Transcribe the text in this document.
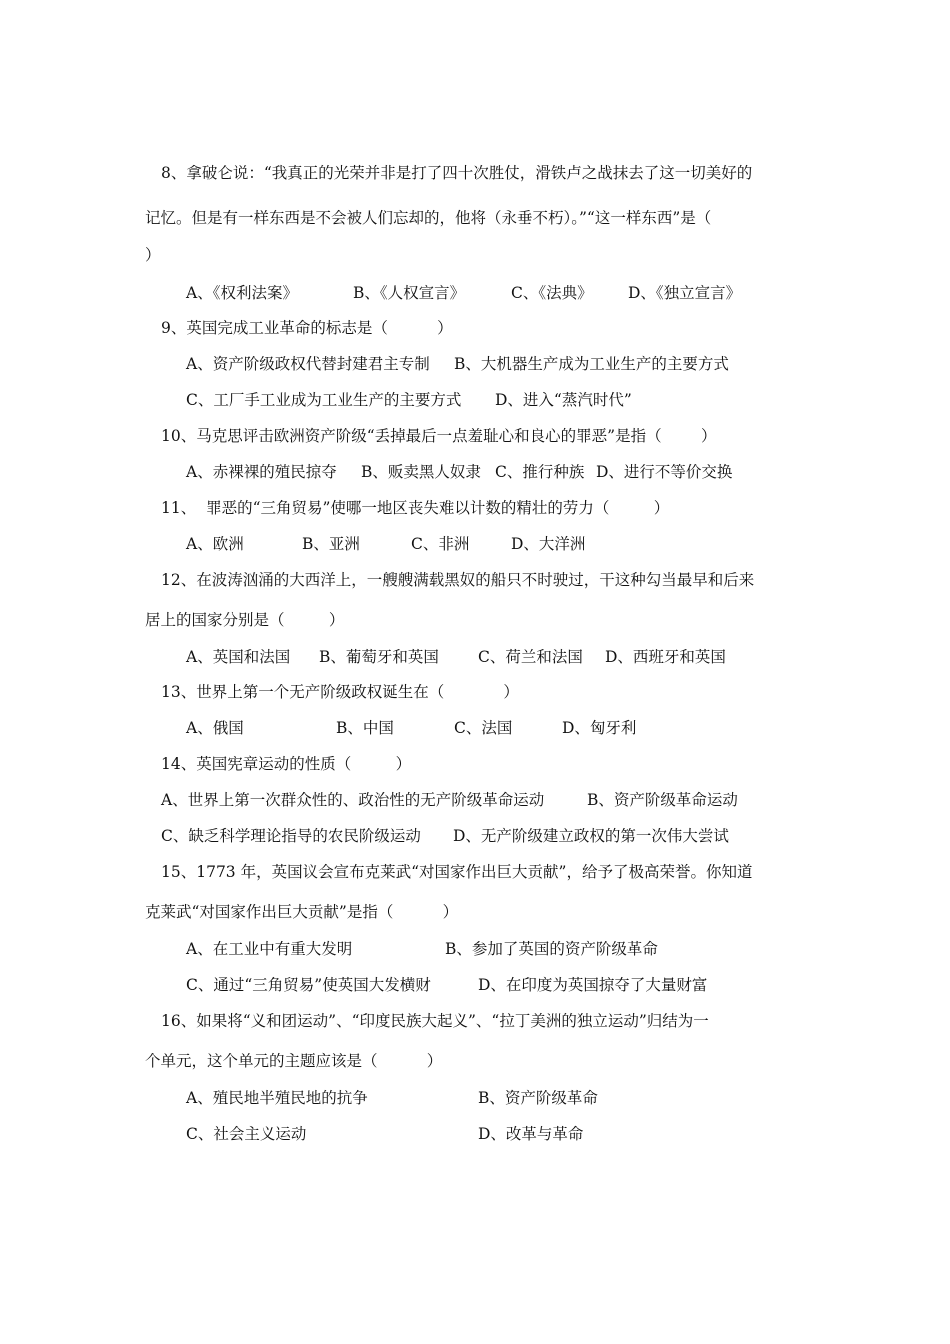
8、拿破仑说：“我真正的光荣并非是打了四十次胜仗，滑铁卢之战抹去了这一切美好的

记忆。但是有一样东西是不会被人们忘却的，他将（永垂不朽）。”“这一样东西”是（

）

A、《权利法案》	B、《人权宣言》	C、《法典》 D、《独立宣言》

9、英国完成工业革命的标志是（          ）

A、资产阶级政权代替封建君主专制 B、大机器生产成为工业生产的主要方式

C、工厂手工业成为工业生产的主要方式 D、进入“蒸汽时代”

10、马克思评击欧洲资产阶级“丢掉最后一点羞耻心和良心的罪恶”是指（        ）

A、赤裸裸的殖民掠夺 B、贩卖黑人奴隶 C、推行种族 D、进行不等价交换

11、  罪恶的“三角贸易”使哪一地区丧失难以计数的精壮的劳力（         ）

A、欧洲	B、亚洲	C、非洲	D、大洋洲

12、在波涛汹涌的大西洋上，一艘艘满载黑奴的船只不时驶过，干这种勾当最早和后来

居上的国家分别是（         ）

A、英国和法国 B、葡萄牙和英国	C、荷兰和法国 D、西班牙和英国

13、世界上第一个无产阶级政权诞生在（            ）

A、俄国	B、中国	C、法国	D、匈牙利

14、英国宪章运动的性质（         ）

A、世界上第一次群众性的、政治性的无产阶级革命运动	B、资产阶级革命运动

C、缺乏科学理论指导的农民阶级运动 D、无产阶级建立政权的第一次伟大尝试

15、1773 年，英国议会宣布克莱武“对国家作出巨大贡献”，给予了极高荣誉。你知道

克莱武“对国家作出巨大贡献”是指（          ）

A、在工业中有重大发明	B、参加了英国的资产阶级革命

C、通过“三角贸易”使英国大发横财	D、在印度为英国掠夺了大量财富

16、如果将“义和团运动”、“印度民族大起义”、“拉丁美洲的独立运动”归结为一

个单元，这个单元的主题应该是（          ）

A、殖民地半殖民地的抗争	B、资产阶级革命

C、社会主义运动	D、改革与革命
